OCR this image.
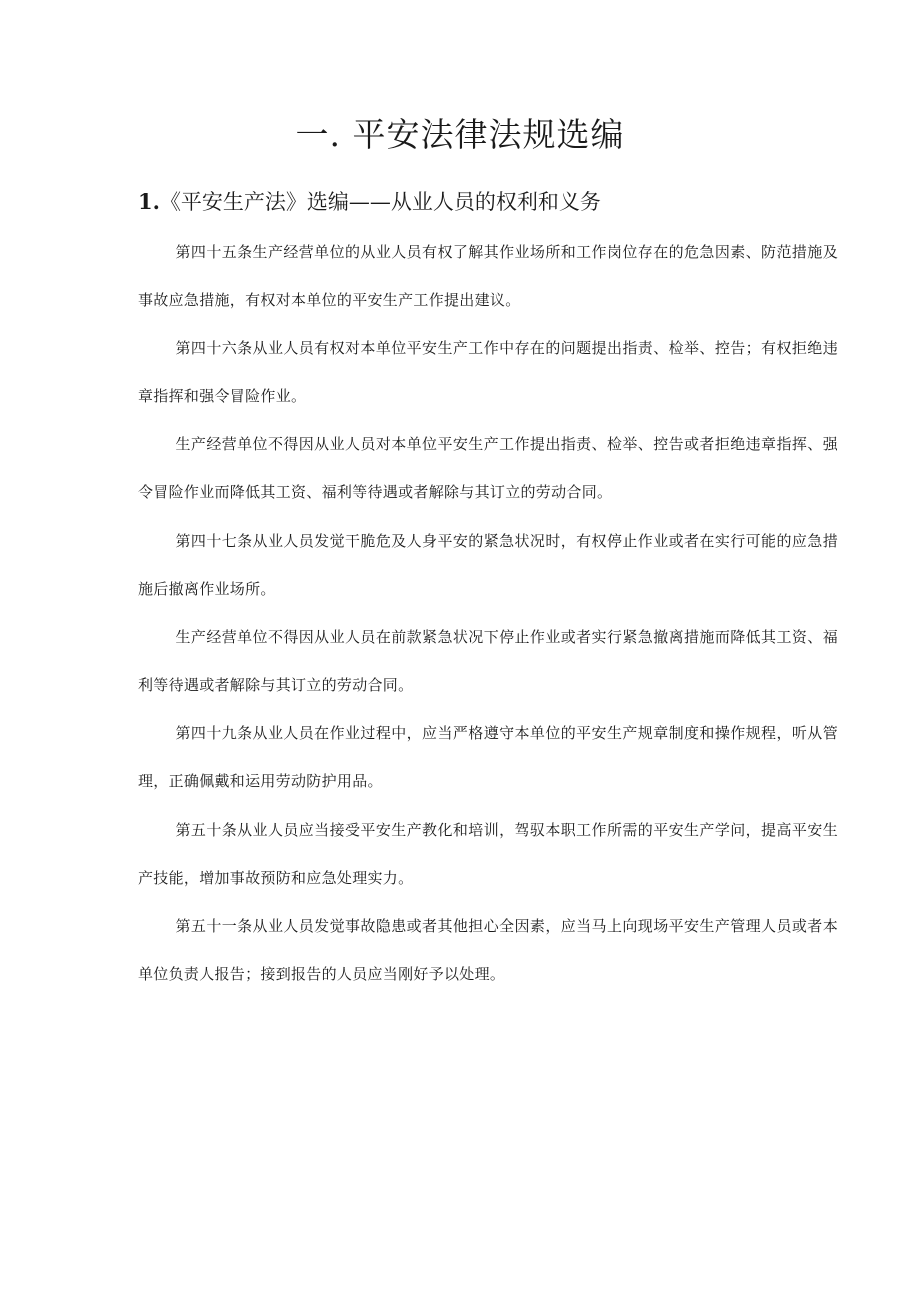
一. 平安法律法规选编
1.《平安生产法》选编——从业人员的权利和义务

第四十五条生产经营单位的从业人员有权了解其作业场所和工作岗位存在的危急因素、防范措施及事故应急措施，有权对本单位的平安生产工作提出建议。

第四十六条从业人员有权对本单位平安生产工作中存在的问题提出指责、检举、控告；有权拒绝违章指挥和强令冒险作业。

生产经营单位不得因从业人员对本单位平安生产工作提出指责、检举、控告或者拒绝违章指挥、强令冒险作业而降低其工资、福利等待遇或者解除与其订立的劳动合同。

第四十七条从业人员发觉干脆危及人身平安的紧急状况时，有权停止作业或者在实行可能的应急措施后撤离作业场所。

生产经营单位不得因从业人员在前款紧急状况下停止作业或者实行紧急撤离措施而降低其工资、福利等待遇或者解除与其订立的劳动合同。

第四十九条从业人员在作业过程中，应当严格遵守本单位的平安生产规章制度和操作规程，听从管理，正确佩戴和运用劳动防护用品。

第五十条从业人员应当接受平安生产教化和培训，驾驭本职工作所需的平安生产学问，提高平安生产技能，增加事故预防和应急处理实力。

第五十一条从业人员发觉事故隐患或者其他担心全因素，应当马上向现场平安生产管理人员或者本单位负责人报告；接到报告的人员应当刚好予以处理。
